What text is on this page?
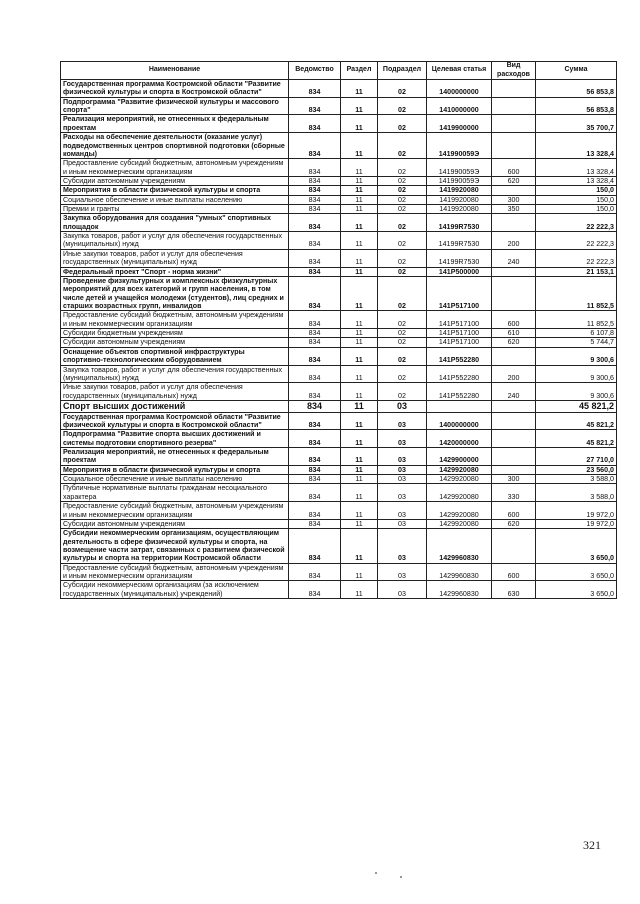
Наименование	Ведомство	Раздел	Подраздел	Целевая статья	Вид расходов	Сумма
Государственная программа Костромской области "Развитие физической культуры и спорта в Костромской области"	834	11	02	1400000000		56 853,8
Подпрограмма "Развитие физической культуры и массового спорта"	834	11	02	1410000000		56 853,8
Реализация мероприятий, не отнесенных к федеральным проектам	834	11	02	1419900000		35 700,7
Расходы на обеспечение деятельности (оказание услуг) подведомственных центров спортивной подготовки (сборные команды)	834	11	02	141990059Э		13 328,4
Предоставление субсидий бюджетным, автономным учреждениям и иным некоммерческим организациям	834	11	02	141990059Э	600	13 328,4
Субсидии автономным учреждениям	834	11	02	141990059Э	620	13 328,4
Мероприятия в области физической культуры и спорта	834	11	02	1419920080		150,0
Социальное обеспечение и иные выплаты населению	834	11	02	1419920080	300	150,0
Премии и гранты	834	11	02	1419920080	350	150,0
Закупка оборудования для создания "умных" спортивных площадок	834	11	02	14199R7530		22 222,3
Закупка товаров, работ и услуг для обеспечения государственных (муниципальных) нужд	834	11	02	14199R7530	200	22 222,3
Иные закупки товаров, работ и услуг для обеспечения государственных (муниципальных) нужд	834	11	02	14199R7530	240	22 222,3
Федеральный проект "Спорт - норма жизни"	834	11	02	141P500000		21 153,1
Проведение физкультурных и комплексных физкультурных мероприятий для всех категорий и групп населения, в том числе детей и учащейся молодежи (студентов), лиц средних и старших возрастных групп, инвалидов	834	11	02	141P517100		11 852,5
Предоставление субсидий бюджетным, автономным учреждениям и иным некоммерческим организациям	834	11	02	141P517100	600	11 852,5
Субсидии бюджетным учреждениям	834	11	02	141P517100	610	6 107,8
Субсидии автономным учреждениям	834	11	02	141P517100	620	5 744,7
Оснащение объектов спортивной инфраструктуры спортивно-технологическим оборудованием	834	11	02	141P552280		9 300,6
Закупка товаров, работ и услуг для обеспечения государственных (муниципальных) нужд	834	11	02	141P552280	200	9 300,6
Иные закупки товаров, работ и услуг для обеспечения государственных (муниципальных) нужд	834	11	02	141P552280	240	9 300,6
Спорт высших достижений	834	11	03			45 821,2
Государственная программа Костромской области "Развитие физической культуры и спорта в Костромской области"	834	11	03	1400000000		45 821,2
Подпрограмма "Развитие спорта высших достижений и системы подготовки спортивного резерва"	834	11	03	1420000000		45 821,2
Реализация мероприятий, не отнесенных к федеральным проектам	834	11	03	1429900000		27 710,0
Мероприятия в области физической культуры и спорта	834	11	03	1429920080		23 560,0
Социальное обеспечение и иные выплаты населению	834	11	03	1429920080	300	3 588,0
Публичные нормативные выплаты гражданам несоциального характера	834	11	03	1429920080	330	3 588,0
Предоставление субсидий бюджетным, автономным учреждениям и иным некоммерческим организациям	834	11	03	1429920080	600	19 972,0
Субсидии автономным учреждениям	834	11	03	1429920080	620	19 972,0
Субсидии некоммерческим организациям, осуществляющим деятельность в сфере физической культуры и спорта, на возмещение части затрат, связанных с развитием физической культуры и спорта на территории Костромской области	834	11	03	1429960830		3 650,0
Предоставление субсидий бюджетным, автономным учреждениям и иным некоммерческим организациям	834	11	03	1429960830	600	3 650,0
Субсидии некоммерческим организациям (за исключением государственных (муниципальных) учреждений)	834	11	03	1429960830	630	3 650,0
321
